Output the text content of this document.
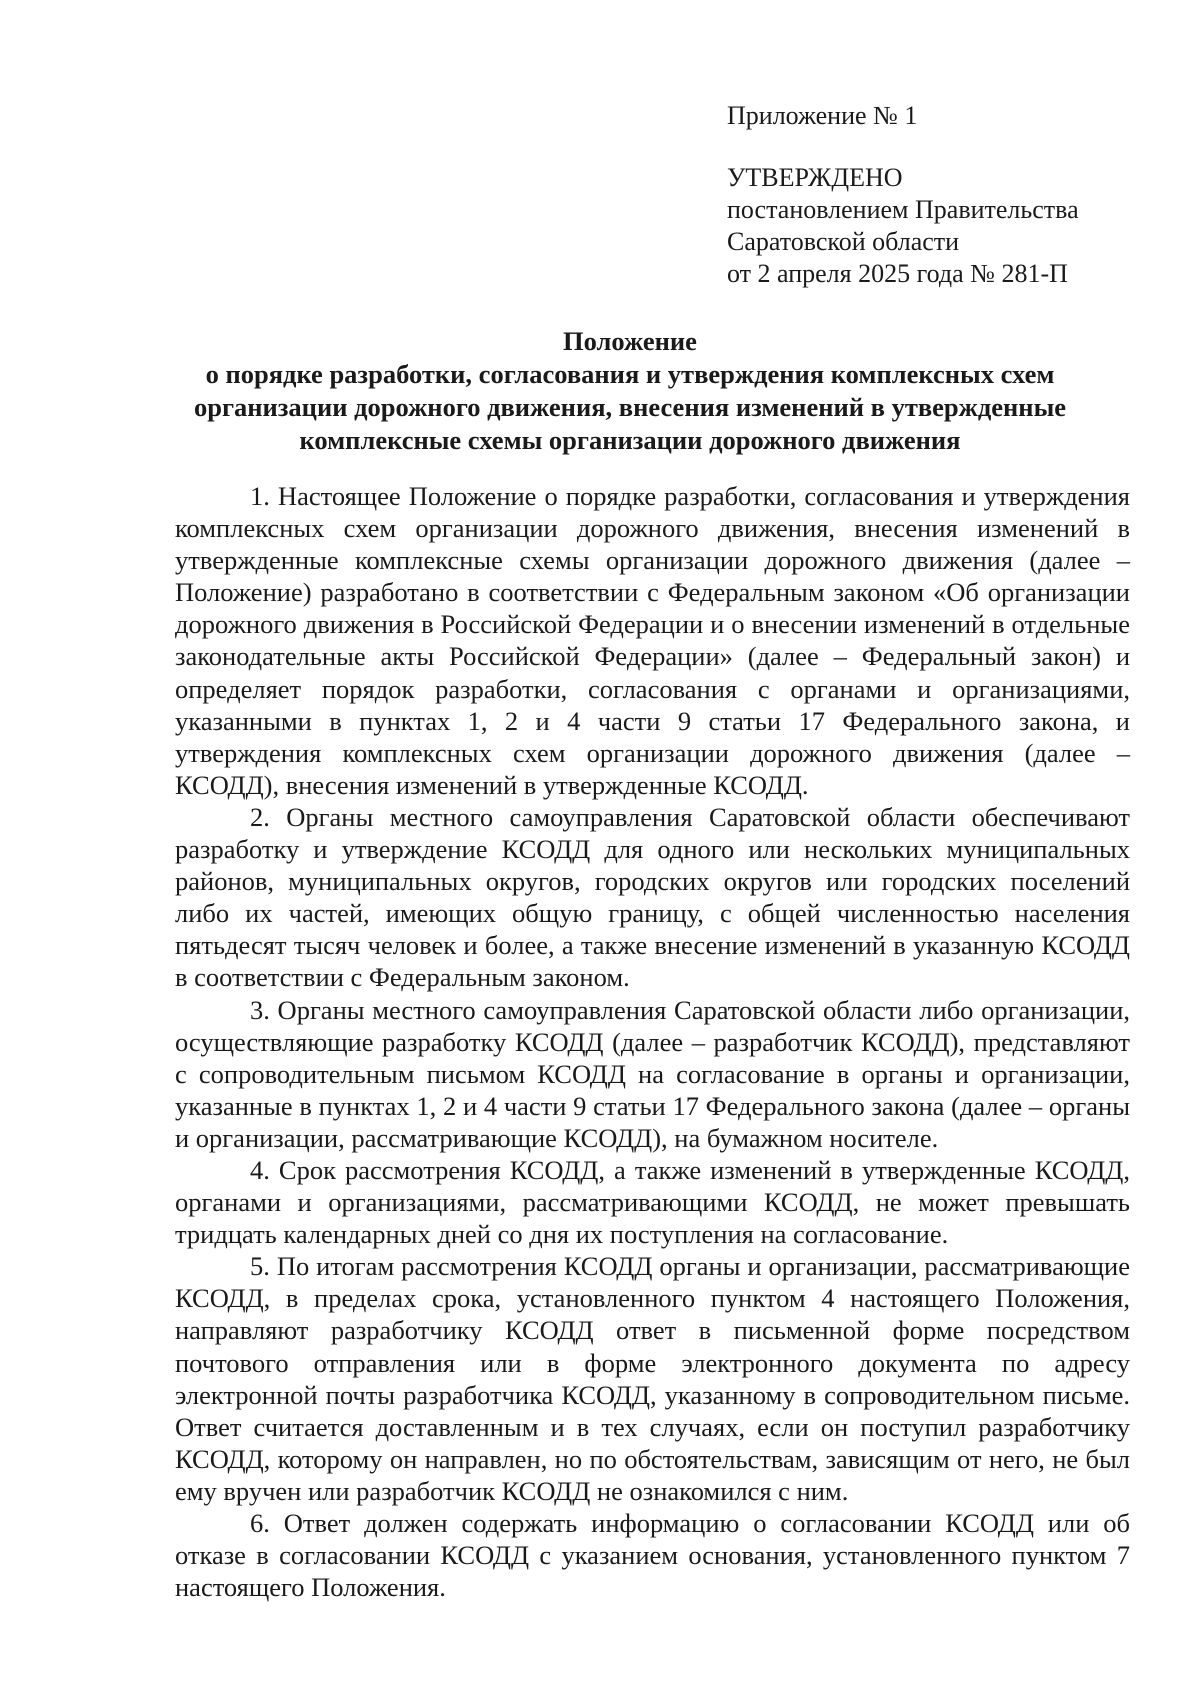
Приложение № 1
УТВЕРЖДЕНО
постановлением Правительства
Саратовской области
от 2 апреля 2025 года № 281-П
Положение
о порядке разработки, согласования и утверждения комплексных схем
организации дорожного движения, внесения изменений в утвержденные
комплексные схемы организации дорожного движения

1. Настоящее Положение о порядке разработки, согласования и утверждения комплексных схем организации дорожного движения, внесения изменений в утвержденные комплексные схемы организации дорожного движения (далее – Положение) разработано в соответствии с Федеральным законом «Об организации дорожного движения в Российской Федерации и о внесении изменений в отдельные законодательные акты Российской Федерации» (далее – Федеральный закон) и определяет порядок разработки, согласования с органами и организациями, указанными в пунктах 1, 2 и 4 части 9 статьи 17 Федерального закона, и утверждения комплексных схем организации дорожного движения (далее – КСОДД), внесения изменений в утвержденные КСОДД.

2. Органы местного самоуправления Саратовской области обеспечивают разработку и утверждение КСОДД для одного или нескольких муниципальных районов, муниципальных округов, городских округов или городских поселений либо их частей, имеющих общую границу, с общей численностью населения пятьдесят тысяч человек и более, а также внесение изменений в указанную КСОДД в соответствии с Федеральным законом.

3. Органы местного самоуправления Саратовской области либо организации, осуществляющие разработку КСОДД (далее – разработчик КСОДД), представляют с сопроводительным письмом КСОДД на согласование в органы и организации, указанные в пунктах 1, 2 и 4 части 9 статьи 17 Федерального закона (далее – органы и организации, рассматривающие КСОДД), на бумажном носителе.

4. Срок рассмотрения КСОДД, а также изменений в утвержденные КСОДД, органами и организациями, рассматривающими КСОДД, не может превышать тридцать календарных дней со дня их поступления на согласование.

5. По итогам рассмотрения КСОДД органы и организации, рассматривающие КСОДД, в пределах срока, установленного пунктом 4 настоящего Положения, направляют разработчику КСОДД ответ в письменной форме посредством почтового отправления или в форме электронного документа по адресу электронной почты разработчика КСОДД, указанному в сопроводительном письме. Ответ считается доставленным и в тех случаях, если он поступил разработчику КСОДД, которому он направлен, но по обстоятельствам, зависящим от него, не был ему вручен или разработчик КСОДД не ознакомился с ним.

6. Ответ должен содержать информацию о согласовании КСОДД или об отказе в согласовании КСОДД с указанием основания, установленного пунктом 7 настоящего Положения.
